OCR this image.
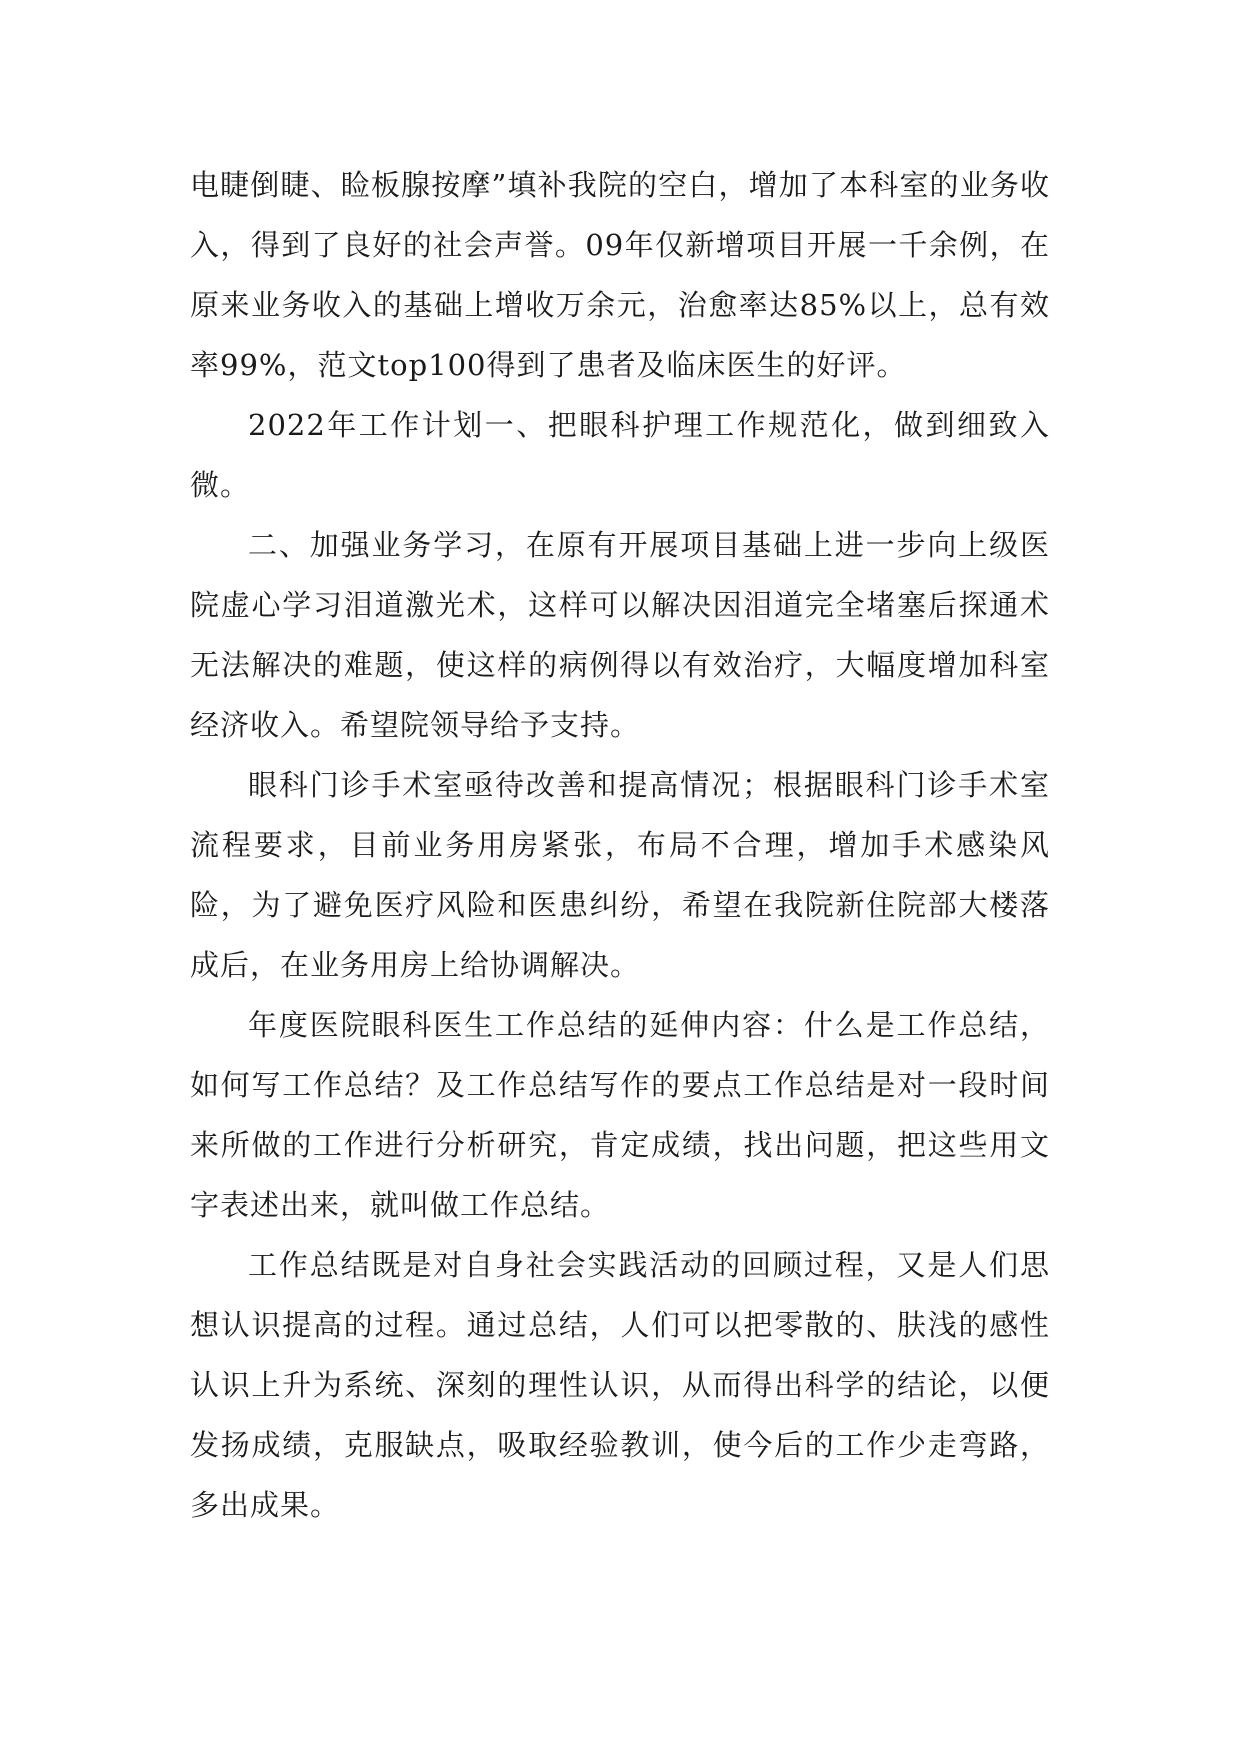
电睫倒睫、睑板腺按摩”填补我院的空白，增加了本科室的业务收入，得到了良好的社会声誉。09年仅新增项目开展一千余例，在原来业务收入的基础上增收万余元，治愈率达85%以上，总有效率99%，范文top100得到了患者及临床医生的好评。

2022年工作计划一、把眼科护理工作规范化，做到细致入微。

二、加强业务学习，在原有开展项目基础上进一步向上级医院虚心学习泪道激光术，这样可以解决因泪道完全堵塞后探通术无法解决的难题，使这样的病例得以有效治疗，大幅度增加科室经济收入。希望院领导给予支持。

眼科门诊手术室亟待改善和提高情况；根据眼科门诊手术室流程要求，目前业务用房紧张，布局不合理，增加手术感染风险，为了避免医疗风险和医患纠纷，希望在我院新住院部大楼落成后，在业务用房上给协调解决。

年度医院眼科医生工作总结的延伸内容：什么是工作总结，如何写工作总结？及工作总结写作的要点工作总结是对一段时间来所做的工作进行分析研究，肯定成绩，找出问题，把这些用文字表述出来，就叫做工作总结。

工作总结既是对自身社会实践活动的回顾过程，又是人们思想认识提高的过程。通过总结，人们可以把零散的、肤浅的感性认识上升为系统、深刻的理性认识，从而得出科学的结论，以便发扬成绩，克服缺点，吸取经验教训，使今后的工作少走弯路，多出成果。
